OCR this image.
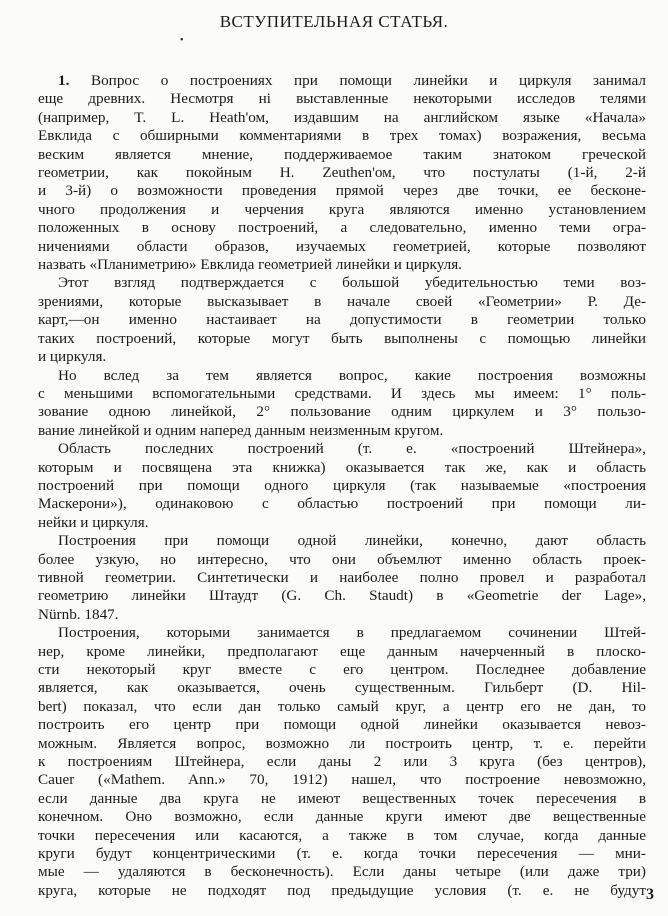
ВСТУПИТЕЛЬНАЯ СТАТЬЯ.
•

1. Вопрос о построениях при помощи линейки и циркуля занимал
еще древних. Несмотря ні выставленные некоторыми исследов телями
(например, T. L. Heath'ом, издавшим на английском языке «Начала»
Евклида с обширными комментариями в трех томах) возражения, весьма
веским является мнение, поддерживаемое таким знатоком греческой
геометрии, как покойным H. Zeuthen'ом, что постулаты (1-й, 2-й
и 3-й) о возможности проведения прямой через две точки, ее бесконе-
чного продолжения и черчения круга являются именно установлением
положенных в основу построений, а следовательно, именно теми огра-
ничениями области образов, изучаемых геометрией, которые позволяют
назвать «Планиметрию» Евклида геометрией линейки и циркуля.

Этот взгляд подтверждается с большой убедительностью теми воз-
зрениями, которые высказывает в начале своей «Геометрии» Р. Де-
карт,—он именно настаивает на допустимости в геометрии только
таких построений, которые могут быть выполнены с помощью линейки
и циркуля.

Но вслед за тем является вопрос, какие построения возможны
с меньшими вспомогательными средствами. И здесь мы имеем: 1° поль-
зование одною линейкой, 2° пользование одним циркулем и 3° пользо-
вание линейкой и одним наперед данным неизменным кругом.

Область последних построений (т. е. «построений Штейнера»,
которым и посвящена эта книжка) оказывается так же, как и область
построений при помощи одного циркуля (так называемые «построения
Маскерони»), одинаковою с областью построений при помощи ли-
нейки и циркуля.

Построения при помощи одной линейки, конечно, дают область
более узкую, но интересно, что они объемлют именно область проек-
тивной геометрии. Синтетически и наиболее полно провел и разработал
геометрию линейки Штаудт (G. Ch. Staudt) в «Geometrie der Lage»,
Nürnb. 1847.

Построения, которыми занимается в предлагаемом сочинении Штей-
нер, кроме линейки, предполагают еще данным начерченный в плоско-
сти некоторый круг вместе с его центром. Последнее добавление
является, как оказывается, очень существенным. Гильберт (D. Hil-
bert) показал, что если дан только самый круг, а центр его не дан, то
построить его центр при помощи одной линейки оказывается невоз-
можным. Является вопрос, возможно ли построить центр, т. е. перейти
к построениям Штейнера, если даны 2 или 3 круга (без центров),
Cauer («Mathem. Ann.» 70, 1912) нашел, что построение невозможно,
если данные два круга не имеют вещественных точек пересечения в
конечном. Оно возможно, если данные круги имеют две вещественные
точки пересечения или касаются, а также в том случае, когда данные
круги будут концентрическими (т. е. когда точки пересечения — мни-
мые — удаляются в бесконечность). Если даны четыре (или даже три)
круга, которые не подходят под предыдущие условия (т. е. не будут 3
